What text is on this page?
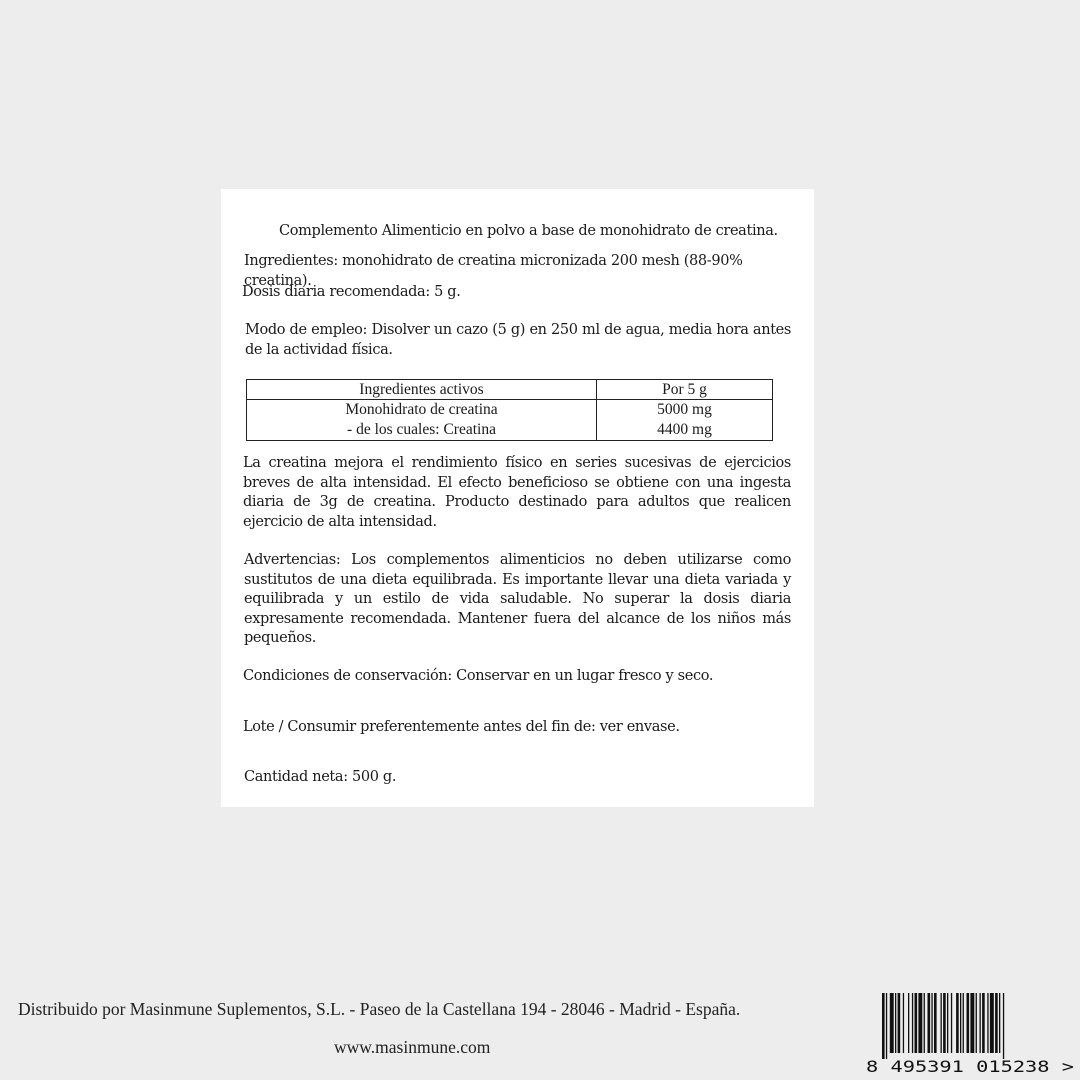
Complemento Alimenticio en polvo a base de monohidrato de creatina.

Ingredientes: monohidrato de creatina micronizada 200 mesh (88-90% creatina).

Dosis diaria recomendada: 5 g.

Modo de empleo: Disolver un cazo (5 g) en 250 ml de agua, media hora antes de la actividad física.

Ingredientes activos	Por 5 g
Monohidrato de creatina	5000 mg
- de los cuales: Creatina	4400 mg

La creatina mejora el rendimiento físico en series sucesivas de ejercicios breves de alta intensidad. El efecto beneficioso se obtiene con una ingesta diaria de 3g de creatina. Producto destinado para adultos que realicen ejercicio de alta intensidad.

Advertencias: Los complementos alimenticios no deben utilizarse como sustitutos de una dieta equilibrada. Es importante llevar una dieta variada y equilibrada y un estilo de vida saludable. No superar la dosis diaria expresamente recomendada. Mantener fuera del alcance de los niños más pequeños.

Condiciones de conservación: Conservar en un lugar fresco y seco.

Lote / Consumir preferentemente antes del fin de: ver envase.

Cantidad neta: 500 g.

Distribuido por Masinmune Suplementos, S.L. - Paseo de la Castellana 194 - 28046 - Madrid - España.

www.masinmune.com

8 495391 015238 >
